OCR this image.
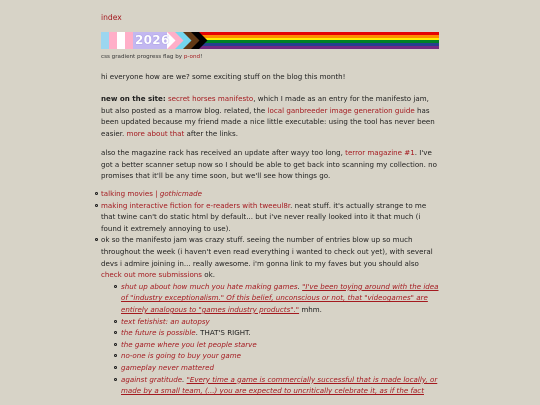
index
2026
css gradient progress flag by p-ond!
hi everyone how are we? some exciting stuff on the blog this month!
new on the site: secret horses manifesto, which I made as an entry for the manifesto jam, but also posted as a marrow blog. related, the local ganbreeder image generation guide has been updated because my friend made a nice little executable: using the tool has never been easier. more about that after the links.
also the magazine rack has received an update after wayy too long, terror magazine #1. I've got a better scanner setup now so I should be able to get back into scanning my collection. no promises that it'll be any time soon, but we'll see how things go.
talking movies | gothicmade
making interactive fiction for e-readers with tweeul8r. neat stuff. it's actually strange to me that twine can't do static html by default... but i've never really looked into it that much (i found it extremely annoying to use).
ok so the manifesto jam was crazy stuff. seeing the number of entries blow up so much throughout the week (i haven't even read everything i wanted to check out yet), with several devs i admire joining in... really awesome. i'm gonna link to my faves but you should also check out more submissions ok.
shut up about how much you hate making games. "I've been toying around with the idea of "industry exceptionalism." Of this belief, unconscious or not, that "videogames" are entirely analogous to "games industry products"." mhm.
text fetishist: an autopsy
the future is possible. THAT'S RIGHT.
the game where you let people starve
no-one is going to buy your game
gameplay never mattered
against gratitude. "Every time a game is commercially successful that is made locally, or made by a small team, (...) you are expected to uncritically celebrate it, as if the fact
